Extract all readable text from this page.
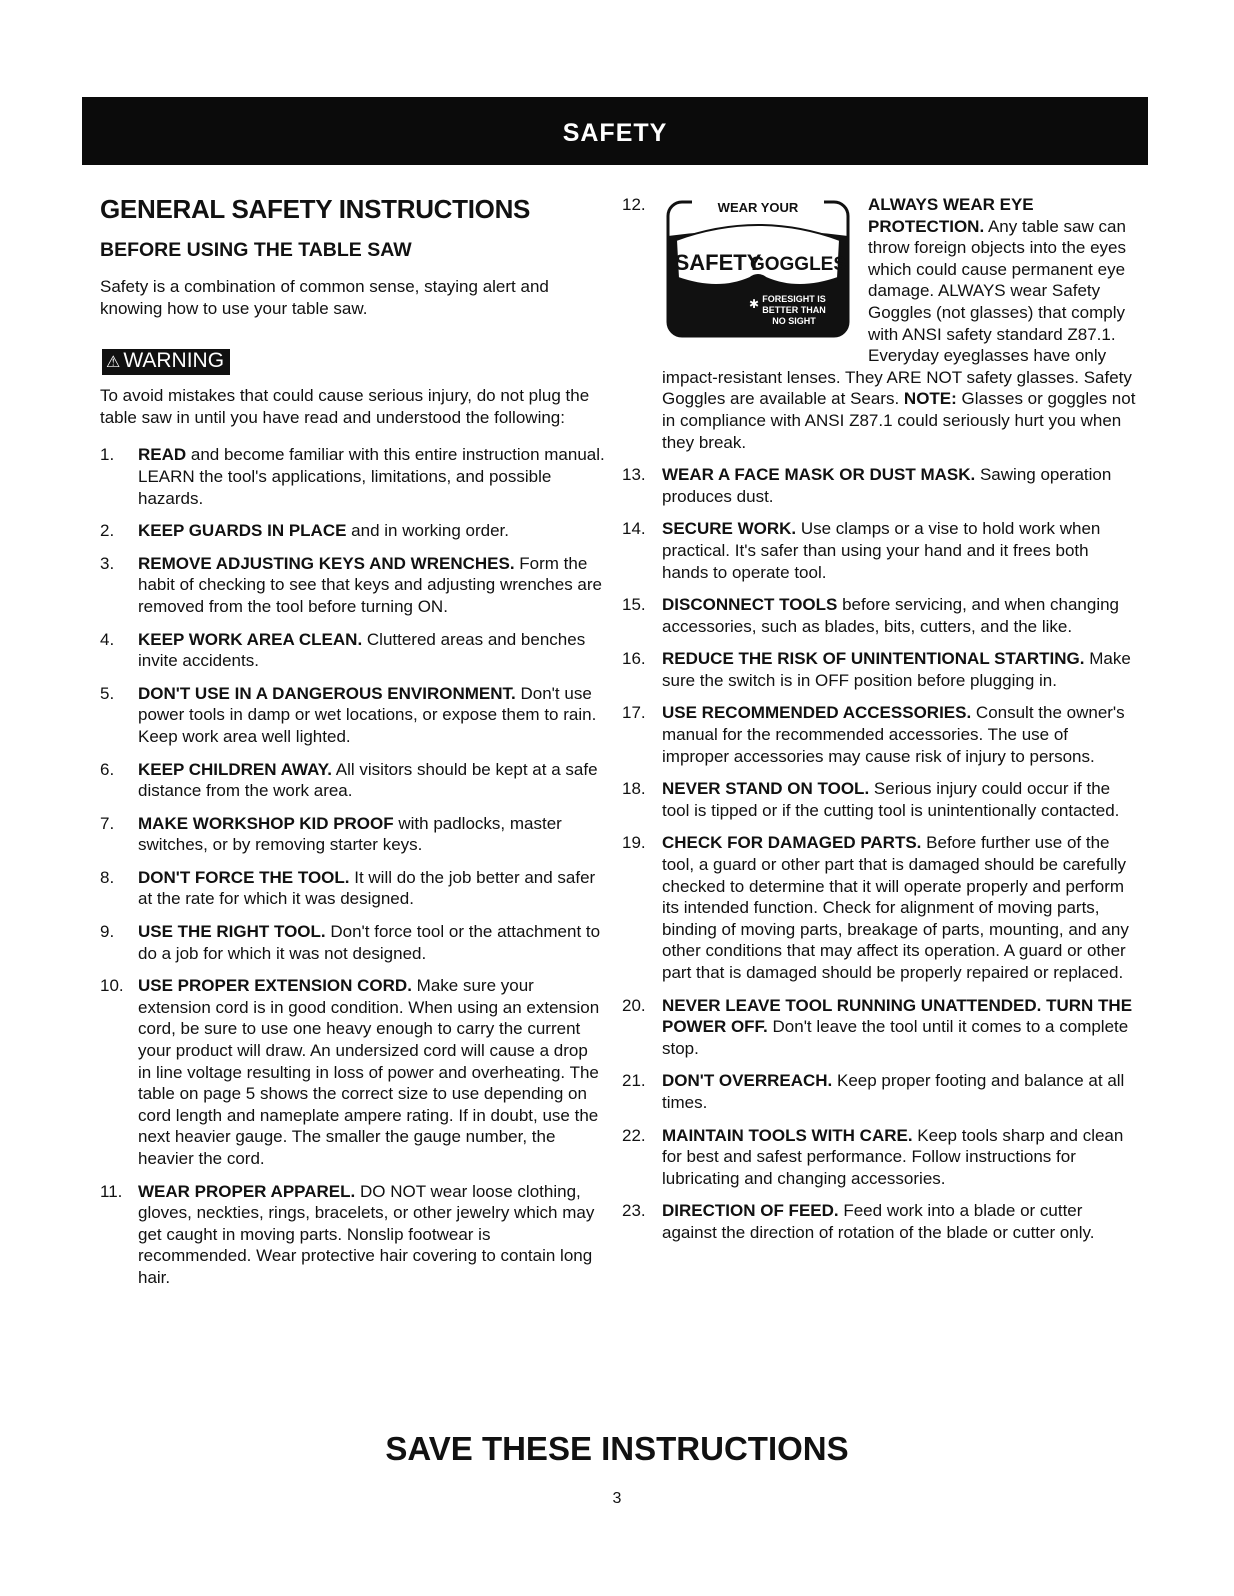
SAFETY
GENERAL SAFETY INSTRUCTIONS
BEFORE USING THE TABLE SAW

Safety is a combination of common sense, staying alert and knowing how to use your table saw.

⚠ WARNING

To avoid mistakes that could cause serious injury, do not plug the table saw in until you have read and understood the following:

1. READ and become familiar with this entire instruction manual. LEARN the tool's applications, limitations, and possible hazards.
2. KEEP GUARDS IN PLACE and in working order.
3. REMOVE ADJUSTING KEYS AND WRENCHES. Form the habit of checking to see that keys and adjusting wrenches are removed from the tool before turning ON.
4. KEEP WORK AREA CLEAN. Cluttered areas and benches invite accidents.
5. DON'T USE IN A DANGEROUS ENVIRONMENT. Don't use power tools in damp or wet locations, or expose them to rain. Keep work area well lighted.
6. KEEP CHILDREN AWAY. All visitors should be kept at a safe distance from the work area.
7. MAKE WORKSHOP KID PROOF with padlocks, master switches, or by removing starter keys.
8. DON'T FORCE THE TOOL. It will do the job better and safer at the rate for which it was designed.
9. USE THE RIGHT TOOL. Don't force tool or the attachment to do a job for which it was not designed.
10. USE PROPER EXTENSION CORD. Make sure your extension cord is in good condition. When using an extension cord, be sure to use one heavy enough to carry the current your product will draw. An undersized cord will cause a drop in line voltage resulting in loss of power and overheating. The table on page 5 shows the correct size to use depending on cord length and nameplate ampere rating. If in doubt, use the next heavier gauge. The smaller the gauge number, the heavier the cord.
11. WEAR PROPER APPAREL. DO NOT wear loose clothing, gloves, neckties, rings, bracelets, or other jewelry which may get caught in moving parts. Nonslip footwear is recommended. Wear protective hair covering to contain long hair.
12.	WEAR YOUR
SAFETY
GOGGLES
FORESIGHT IS
BETTER THAN
NO SIGHT
✱
ALWAYS WEAR EYE PROTECTION. Any table saw can throw foreign objects into the eyes which could cause permanent eye damage. ALWAYS wear Safety Goggles (not glasses) that comply with ANSI safety standard Z87.1. Everyday eyeglasses have only impact-resistant lenses. They ARE NOT safety glasses. Safety Goggles are available at Sears. NOTE: Glasses or goggles not in compliance with ANSI Z87.1 could seriously hurt you when they break.
13. WEAR A FACE MASK OR DUST MASK. Sawing operation produces dust.
14. SECURE WORK. Use clamps or a vise to hold work when practical. It's safer than using your hand and it frees both hands to operate tool.
15. DISCONNECT TOOLS before servicing, and when changing accessories, such as blades, bits, cutters, and the like.
16. REDUCE THE RISK OF UNINTENTIONAL STARTING. Make sure the switch is in OFF position before plugging in.
17. USE RECOMMENDED ACCESSORIES. Consult the owner's manual for the recommended accessories. The use of improper accessories may cause risk of injury to persons.
18. NEVER STAND ON TOOL. Serious injury could occur if the tool is tipped or if the cutting tool is unintentionally contacted.
19. CHECK FOR DAMAGED PARTS. Before further use of the tool, a guard or other part that is damaged should be carefully checked to determine that it will operate properly and perform its intended function. Check for alignment of moving parts, binding of moving parts, breakage of parts, mounting, and any other conditions that may affect its operation. A guard or other part that is damaged should be properly repaired or replaced.
20. NEVER LEAVE TOOL RUNNING UNATTENDED. TURN THE POWER OFF. Don't leave the tool until it comes to a complete stop.
21. DON'T OVERREACH. Keep proper footing and balance at all times.
22. MAINTAIN TOOLS WITH CARE. Keep tools sharp and clean for best and safest performance. Follow instructions for lubricating and changing accessories.
23. DIRECTION OF FEED. Feed work into a blade or cutter against the direction of rotation of the blade or cutter only.
SAVE THESE INSTRUCTIONS
3
